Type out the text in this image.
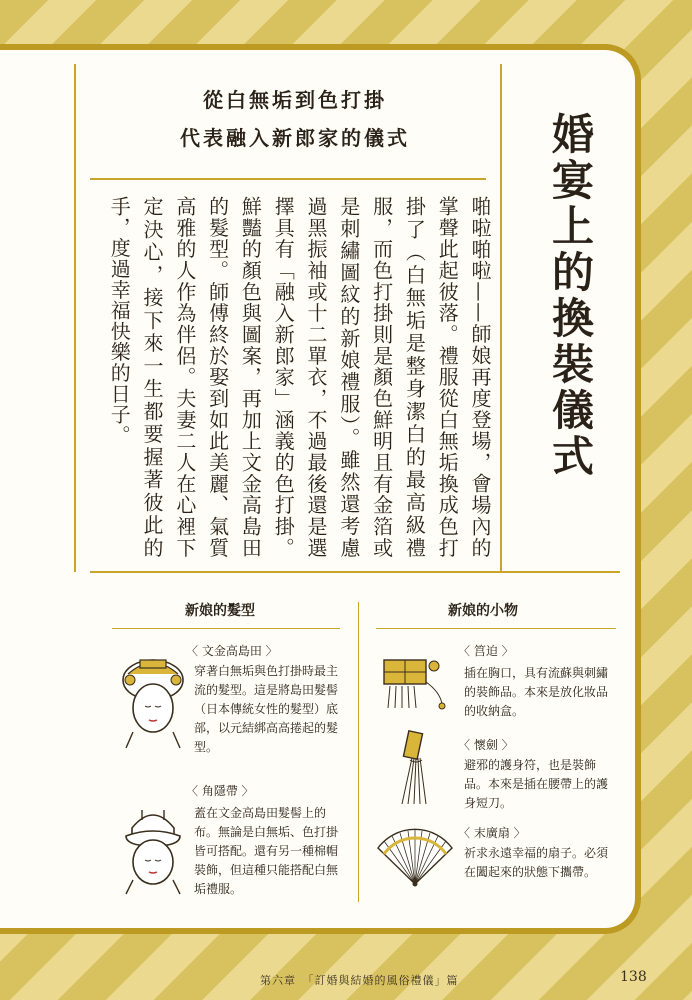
從白無垢到色打掛
代表融入新郎家的儀式	婚宴上的換裝儀式
啪啦啪啦——師娘再度登場，會場內的掌聲此起彼落。禮服從白無垢換成色打掛了（白無垢是整身潔白的最高級禮服，而色打掛則是顏色鮮明且有金箔或是刺繡圖紋的新娘禮服）。雖然還考慮過黑振袖或十二單衣，不過最後還是選擇具有「融入新郎家」涵義的色打掛。鮮豔的顏色與圖案，再加上文金高島田的髮型。師傅終於娶到如此美麗、氣質高雅的人作為伴侶。夫妻二人在心裡下定決心，接下來一生都要握著彼此的手，度過幸福快樂的日子。
新娘的髮型
〈 文金高島田 〉
穿著白無垢與色打掛時最主流的髮型。這是將島田髮髻（日本傳統女性的髮型）底部，以元結綁高高捲起的髮型。
〈 角隱帶 〉
蓋在文金高島田髮髻上的布。無論是白無垢、色打掛皆可搭配。還有另一種棉帽裝飾，但這種只能搭配白無垢禮服。
新娘的小物
〈 筥迫 〉
插在胸口，具有流蘇與刺繡的裝飾品。本來是放化妝品的收納盒。
〈 懷劍 〉
避邪的護身符，也是裝飾品。本來是插在腰帶上的護身短刀。
〈 末廣扇 〉
祈求永遠幸福的扇子。必須在闔起來的狀態下攜帶。
第六章　「訂婚與結婚的風俗禮儀」篇	138
